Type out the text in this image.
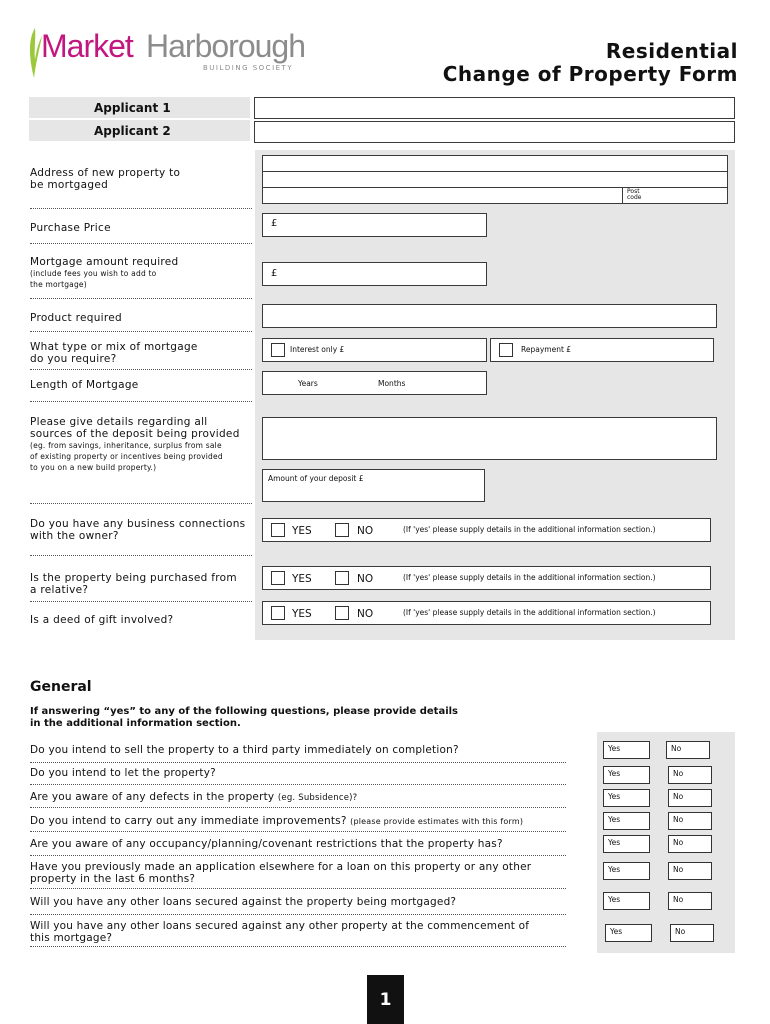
Market Harborough
BUILDING SOCIETY
Residential
Change of Property Form
Applicant 1
Applicant 2
Address of new property to
be mortgaged
Post
code
Purchase Price	£
Mortgage amount required
(include fees you wish to add to
the mortgage)
£
Product required
What type or mix of mortgage
do you require?
Interest only £	Repayment £
Length of Mortgage	Years	Months
Please give details regarding all
sources of the deposit being provided
(eg. from savings, inheritance, surplus from sale
of existing property or incentives being provided
to you on a new build property.)
Amount of your deposit £
Do you have any business connections
with the owner?	YES	NO	(If 'yes' please supply details in the additional information section.)
Is the property being purchased from
a relative?
YES	NO	(If 'yes' please supply details in the additional information section.)
Is a deed of gift involved?	YES	NO	(If 'yes' please supply details in the additional information section.)
General
If answering “yes” to any of the following questions, please provide details
in the additional information section.
Do you intend to sell the property to a third party immediately on completion?	Yes	No
Do you intend to let the property?	Yes	No
Are you aware of any defects in the property (eg. Subsidence)?	Yes	No
Do you intend to carry out any immediate improvements? (please provide estimates with this form)	Yes	No
Are you aware of any occupancy/planning/covenant restrictions that the property has?	Yes	No
Have you previously made an application elsewhere for a loan on this property or any other
property in the last 6 months?
Yes	No
Will you have any other loans secured against the property being mortgaged?	Yes	No
Will you have any other loans secured against any other property at the commencement of
this mortgage?
Yes	No
1
